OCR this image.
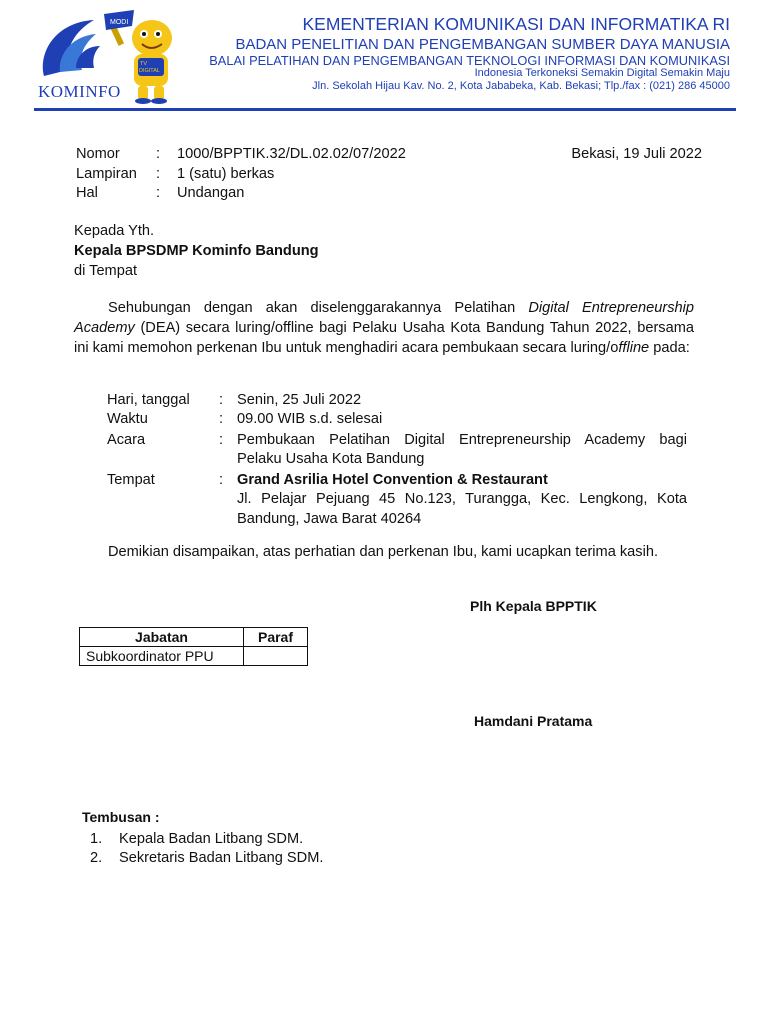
MODI
TV
DIGITAL
KOMINFO
KEMENTERIAN KOMUNIKASI DAN INFORMATIKA RI
BADAN PENELITIAN DAN PENGEMBANGAN SUMBER DAYA MANUSIA
BALAI PELATIHAN DAN PENGEMBANGAN TEKNOLOGI INFORMASI DAN KOMUNIKASI
Indonesia Terkoneksi Semakin Digital Semakin Maju
Jln. Sekolah Hijau Kav. No. 2, Kota Jababeka, Kab. Bekasi; Tlp./fax : (021) 286 45000
Nomor : 1000/BPPTIK.32/DL.02.02/07/2022	Bekasi, 19 Juli 2022
Lampiran : 1 (satu) berkas
Hal	: Undangan
Kepada Yth.
Kepala BPSDMP Kominfo Bandung
di Tempat
Sehubungan dengan akan diselenggarakannya Pelatihan Digital Entrepreneurship Academy (DEA) secara luring/offline bagi Pelaku Usaha Kota Bandung Tahun 2022, bersama ini kami memohon perkenan Ibu untuk menghadiri acara pembukaan secara luring/offline pada:
Hari, tanggal : Senin, 25 Juli 2022
Waktu	: 09.00 WIB s.d. selesai
Acara	: Pembukaan Pelatihan Digital Entrepreneurship Academy bagi
Pelaku Usaha Kota Bandung
Tempat	: Grand Asrilia Hotel Convention & Restaurant
Jl. Pelajar Pejuang 45 No.123, Turangga, Kec. Lengkong, Kota
Bandung, Jawa Barat 40264
Demikian disampaikan, atas perhatian dan perkenan Ibu, kami ucapkan terima kasih.
Plh Kepala BPPTIK
Hamdani Pratama
Jabatan	Paraf
Subkoordinator PPU	
Tembusan :
1. Kepala Badan Litbang SDM.
2. Sekretaris Badan Litbang SDM.
